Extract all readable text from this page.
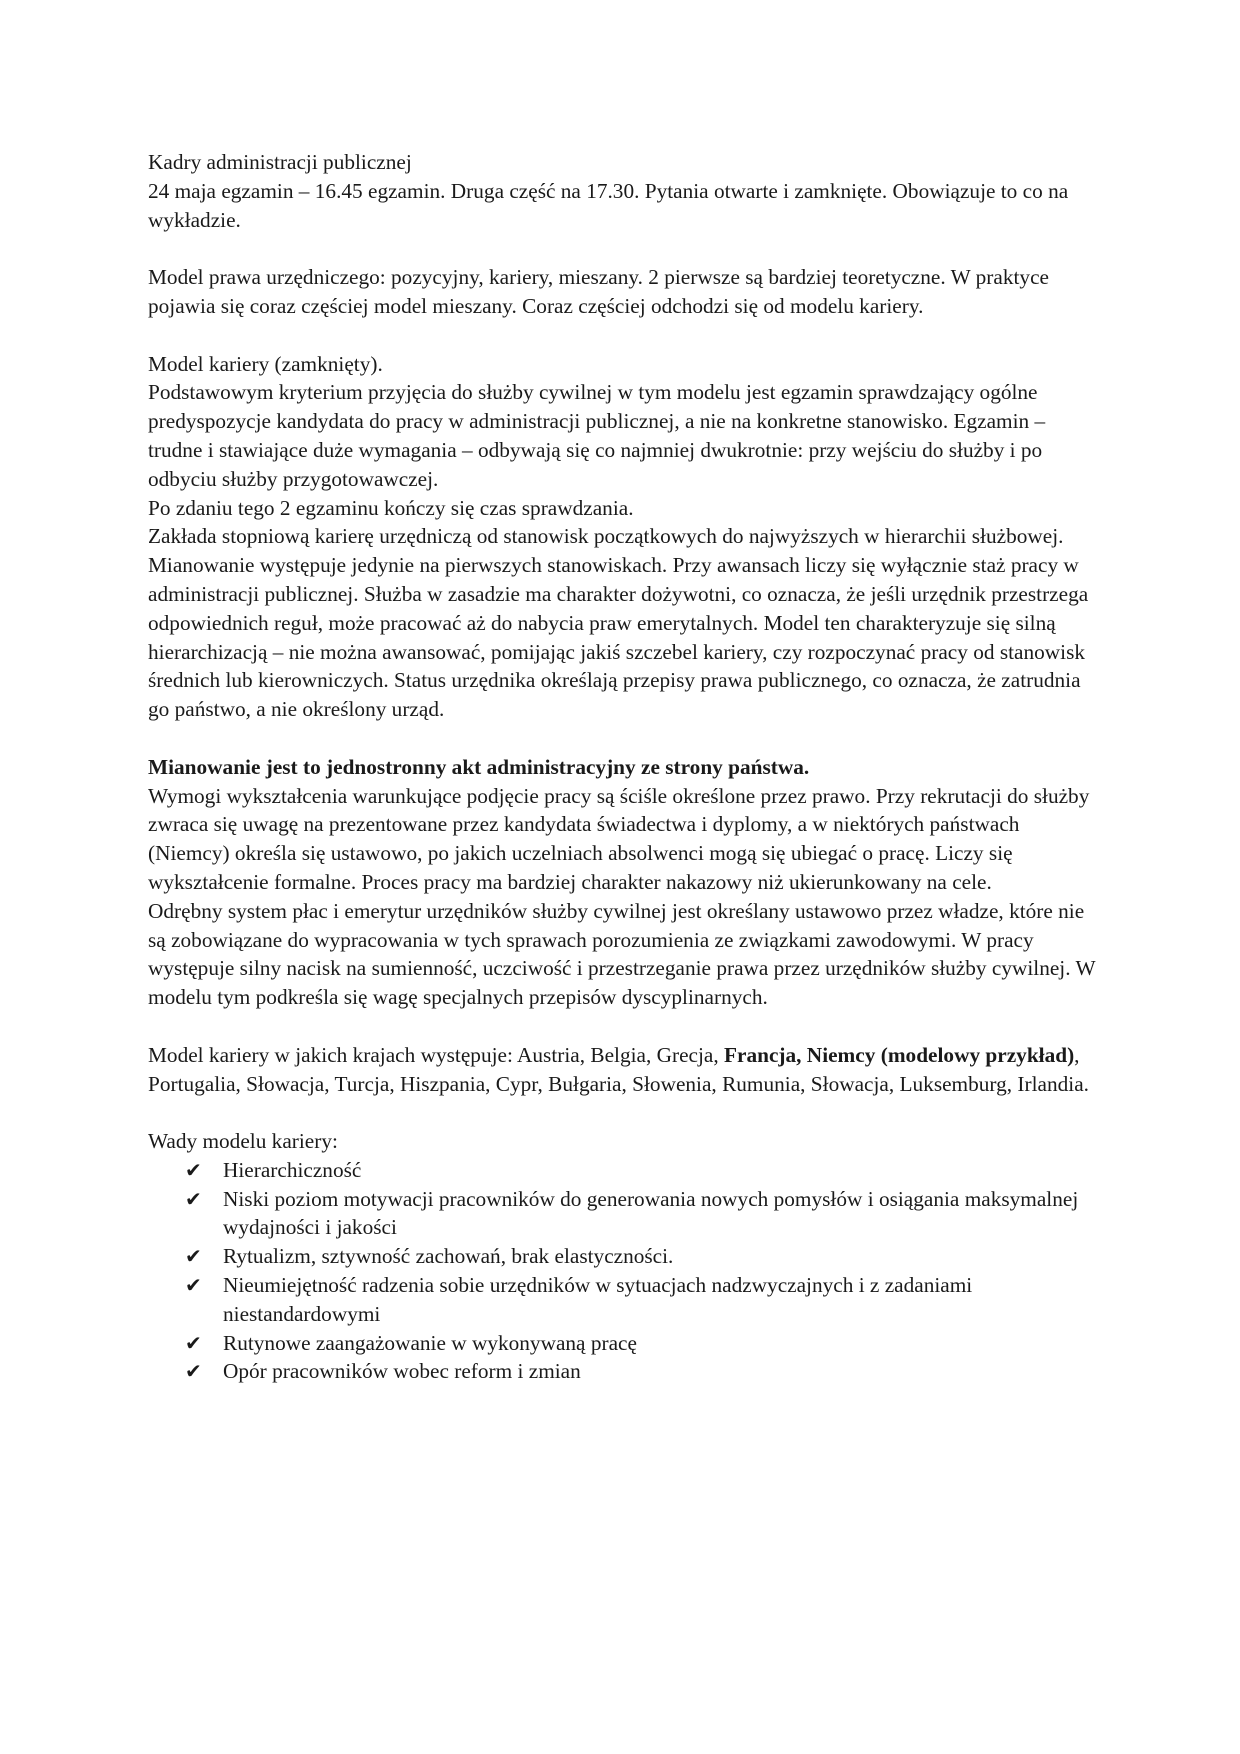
Kadry administracji publicznej

24 maja egzamin – 16.45 egzamin. Druga część na 17.30. Pytania otwarte i zamknięte. Obowiązuje to co na wykładzie.

Model prawa urzędniczego: pozycyjny, kariery, mieszany. 2 pierwsze są bardziej teoretyczne. W praktyce pojawia się coraz częściej model mieszany. Coraz częściej odchodzi się od modelu kariery.

Model kariery (zamknięty).

Podstawowym kryterium przyjęcia do służby cywilnej w tym modelu jest egzamin sprawdzający ogólne predyspozycje kandydata do pracy w administracji publicznej, a nie na konkretne stanowisko. Egzamin – trudne i stawiające duże wymagania – odbywają się co najmniej dwukrotnie: przy wejściu do służby i po odbyciu służby przygotowawczej.

Po zdaniu tego 2 egzaminu kończy się czas sprawdzania.

Zakłada stopniową karierę urzędniczą od stanowisk początkowych do najwyższych w hierarchii służbowej. Mianowanie występuje jedynie na pierwszych stanowiskach. Przy awansach liczy się wyłącznie staż pracy w administracji publicznej. Służba w zasadzie ma charakter dożywotni, co oznacza, że jeśli urzędnik przestrzega odpowiednich reguł, może pracować aż do nabycia praw emerytalnych. Model ten charakteryzuje się silną hierarchizacją – nie można awansować, pomijając jakiś szczebel kariery, czy rozpoczynać pracy od stanowisk średnich lub kierowniczych. Status urzędnika określają przepisy prawa publicznego, co oznacza, że zatrudnia go państwo, a nie określony urząd.

Mianowanie jest to jednostronny akt administracyjny ze strony państwa.

Wymogi wykształcenia warunkujące podjęcie pracy są ściśle określone przez prawo. Przy rekrutacji do służby zwraca się uwagę na prezentowane przez kandydata świadectwa i dyplomy, a w niektórych państwach (Niemcy) określa się ustawowo, po jakich uczelniach absolwenci mogą się ubiegać o pracę. Liczy się wykształcenie formalne. Proces pracy ma bardziej charakter nakazowy niż ukierunkowany na cele.

Odrębny system płac i emerytur urzędników służby cywilnej jest określany ustawowo przez władze, które nie są zobowiązane do wypracowania w tych sprawach porozumienia ze związkami zawodowymi. W pracy występuje silny nacisk na sumienność, uczciwość i przestrzeganie prawa przez urzędników służby cywilnej. W modelu tym podkreśla się wagę specjalnych przepisów dyscyplinarnych.

Model kariery w jakich krajach występuje: Austria, Belgia, Grecja, Francja, Niemcy (modelowy przykład), Portugalia, Słowacja, Turcja, Hiszpania, Cypr, Bułgaria, Słowenia, Rumunia, Słowacja, Luksemburg, Irlandia.

Wady modelu kariery:

✔ Hierarchiczność
✔ Niski poziom motywacji pracowników do generowania nowych pomysłów i osiągania maksymalnej wydajności i jakości
✔ Rytualizm, sztywność zachowań, brak elastyczności.
✔ Nieumiejętność radzenia sobie urzędników w sytuacjach nadzwyczajnych i z zadaniami niestandardowymi
✔ Rutynowe zaangażowanie w wykonywaną pracę
✔ Opór pracowników wobec reform i zmian
